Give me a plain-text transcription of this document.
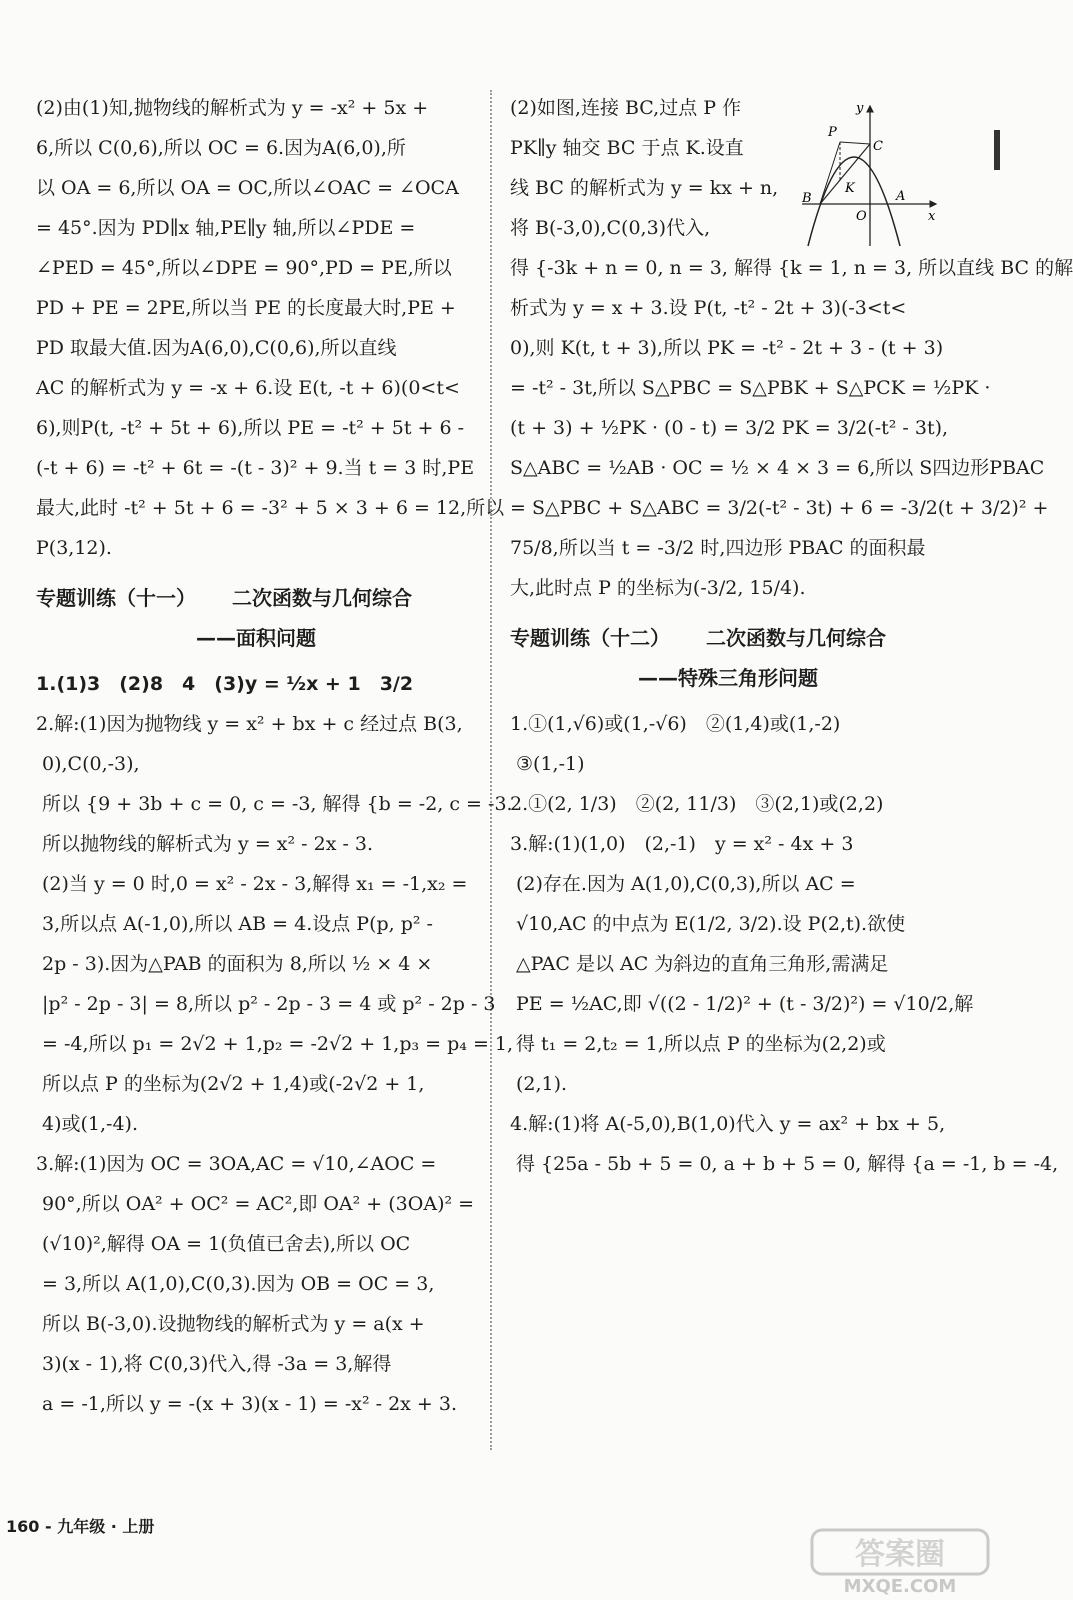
(2)由(1)知,抛物线的解析式为 y = -x² + 5x +

6,所以 C(0,6),所以 OC = 6.因为A(6,0),所

以 OA = 6,所以 OA = OC,所以∠OAC = ∠OCA

= 45°.因为 PD∥x 轴,PE∥y 轴,所以∠PDE =

∠PED = 45°,所以∠DPE = 90°,PD = PE,所以

PD + PE = 2PE,所以当 PE 的长度最大时,PE +

PD 取最大值.因为A(6,0),C(0,6),所以直线

AC 的解析式为 y = -x + 6.设 E(t, -t + 6)(0<t<

6),则P(t, -t² + 5t + 6),所以 PE = -t² + 5t + 6 -

(-t + 6) = -t² + 6t = -(t - 3)² + 9.当 t = 3 时,PE

最大,此时 -t² + 5t + 6 = -3² + 5 × 3 + 6 = 12,所以

P(3,12).

专题训练（十一） 二次函数与几何综合

——面积问题

1.(1)3　(2)8　4　(3)y = ½x + 1　3/2

2.解:(1)因为抛物线 y = x² + bx + c 经过点 B(3,

0),C(0,-3),

所以 {9 + 3b + c = 0, c = -3, 解得 {b = -2, c = -3.

所以抛物线的解析式为 y = x² - 2x - 3.

(2)当 y = 0 时,0 = x² - 2x - 3,解得 x₁ = -1,x₂ =

3,所以点 A(-1,0),所以 AB = 4.设点 P(p, p² -

2p - 3).因为△PAB 的面积为 8,所以 ½ × 4 ×

|p² - 2p - 3| = 8,所以 p² - 2p - 3 = 4 或 p² - 2p - 3

= -4,所以 p₁ = 2√2 + 1,p₂ = -2√2 + 1,p₃ = p₄ = 1,

所以点 P 的坐标为(2√2 + 1,4)或(-2√2 + 1,

4)或(1,-4).

3.解:(1)因为 OC = 3OA,AC = √10,∠AOC =

90°,所以 OA² + OC² = AC²,即 OA² + (3OA)² =

(√10)²,解得 OA = 1(负值已舍去),所以 OC

= 3,所以 A(1,0),C(0,3).因为 OB = OC = 3,

所以 B(-3,0).设抛物线的解析式为 y = a(x +

3)(x - 1),将 C(0,3)代入,得 -3a = 3,解得

a = -1,所以 y = -(x + 3)(x - 1) = -x² - 2x + 3.

(2)如图,连接 BC,过点 P 作

PK∥y 轴交 BC 于点 K.设直

线 BC 的解析式为 y = kx + n,

将 B(-3,0),C(0,3)代入,

得 {-3k + n = 0, n = 3, 解得 {k = 1, n = 3, 所以直线 BC 的解

析式为 y = x + 3.设 P(t, -t² - 2t + 3)(-3<t<

0),则 K(t, t + 3),所以 PK = -t² - 2t + 3 - (t + 3)

= -t² - 3t,所以 S△PBC = S△PBK + S△PCK = ½PK ·

(t + 3) + ½PK · (0 - t) = 3/2 PK = 3/2(-t² - 3t),

S△ABC = ½AB · OC = ½ × 4 × 3 = 6,所以 S四边形PBAC

= S△PBC + S△ABC = 3/2(-t² - 3t) + 6 = -3/2(t + 3/2)² +

75/8,所以当 t = -3/2 时,四边形 PBAC 的面积最

大,此时点 P 的坐标为(-3/2, 15/4).

专题训练（十二） 二次函数与几何综合

——特殊三角形问题

1.①(1,√6)或(1,-√6)　②(1,4)或(1,-2)

③(1,-1)

2.①(2, 1/3)　②(2, 11/3)　③(2,1)或(2,2)

3.解:(1)(1,0)　(2,-1)　y = x² - 4x + 3

(2)存在.因为 A(1,0),C(0,3),所以 AC =

√10,AC 的中点为 E(1/2, 3/2).设 P(2,t).欲使

△PAC 是以 AC 为斜边的直角三角形,需满足

PE = ½AC,即 √((2 - 1/2)² + (t - 3/2)²) = √10/2,解

得 t₁ = 2,t₂ = 1,所以点 P 的坐标为(2,2)或

(2,1).

4.解:(1)将 A(-5,0),B(1,0)代入 y = ax² + bx + 5,

得 {25a - 5b + 5 = 0, a + b + 5 = 0, 解得 {a = -1, b = -4,

y
P
C
K
B
O
A
x
160 - 九年级 · 上册
答案圈
MXQE.COM
